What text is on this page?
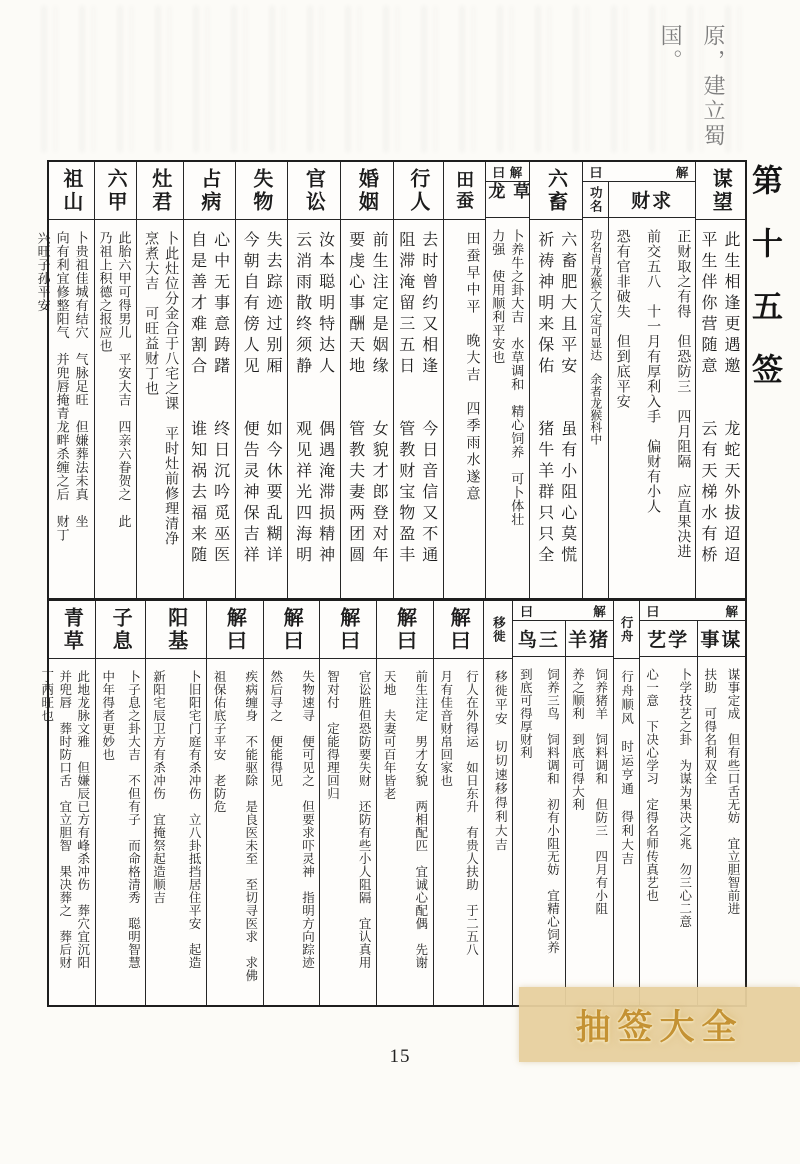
原，建立蜀国。
第十五签
谋望
此生相逢更遇邀　　龙蛇天外拔迢迢
平生伴你营随意　　云有天梯水有桥
曰	解
财求
正财取之有得　但恐防三　四月阻隔　应直果决进
前交五八　十一月有厚利入手　偏财有小人
恐有官非破失　但到底平安
功名
功名肖龙猴之人定可显达　余者龙猴科中
六畜
六畜肥大且平安　　虽有小阻心莫慌
祈祷神明来保佑　　猪牛羊群只只全
曰 解
草龙
卜养牛之卦大吉　水草调和　精心饲养　可卜体壮
力强　使用顺利平安也
田蚕
田蚕早中平　晚大吉　四季雨水遂意
行人
去时曾约又相逢　　今日音信又不通
阻滞淹留三五日　　管教财宝物盈丰
婚姻
前生注定是姻缘　　女貌才郎登对年
要虔心事酬天地　　管教夫妻两团圆
官讼
汝本聪明特达人　　偶遇淹滞损精神
云消雨散终须静　　观见祥光四海明
失物
失去踪迹过别厢　　如今休要乱糊详
今朝自有傍人见　　便告灵神保吉祥
占病
心中无事意踌躇　　终日沉吟觅巫医
自是善才难割合　　谁知祸去福来随
灶君
卜此灶位分金合于八宅之课　平时灶前修理清净
烹煮大吉　可旺益财丁也
六甲
此胎六甲可得男儿　平安大吉　四亲六眷贺之　此
乃祖上积德之报应也
祖山
卜贵祖佳城有结穴　气脉足旺　但嫌葬法未真　坐
向有利宜修整阳气　并兜唇掩青龙畔杀缠之后　财丁
兴旺子孙平安
曰	解
事谋
谋事定成　但有些口舌无妨　宜立胆智前进
扶助　可得名利双全
艺学
卜学技艺之卦　为谋为果决之兆　勿三心二意
心一意　下决心学习　定得名师传真艺也
行舟
行舟顺风　时运亨通　得利大吉
曰	解
羊猪
饲养猪羊　饲料调和　但防三　四月有小阻
养之顺利　到底可得大利
鸟三
饲养三鸟　饲料调和　初有小阻无妨　宜精心饲养
到底可得厚财利
移徙
移徙平安　切切速移得利大吉
解曰
行人在外得运　如日东升　有贵人扶助　于二五八
月有佳音财帛回家也
解曰
前生注定　男才女貌　两相配匹　宜诚心配偶　先谢
天地　夫妻可百年皆老
解曰
官讼胜但恐防要失财　还防有些小人阻隔　宜认真用
智对付　定能得理回归
解曰
失物速寻　便可见之　但要求吓灵神　指明方向踪迹
然后寻之　便能得见
解曰
疾病缠身　不能驱除　是良医未至　至切寻医求　求佛
祖保佑底子平安　老防危
阳基
卜旧阳宅门庭有杀冲伤　立八卦抵挡居住平安　起造
新阳宅辰卫方有杀冲伤　宜掩祭起造顺吉
子息
卜子息之卦大吉　不但有子　而命格清秀　聪明智慧
中年得者更妙也
青草
此地龙脉文雅　但嫌辰已方有峰杀冲伤　葬穴宜沉阳
并兜唇　葬时防口舌　宜立胆智　果决葬之　葬后财
丁两旺也
15
抽签大全
